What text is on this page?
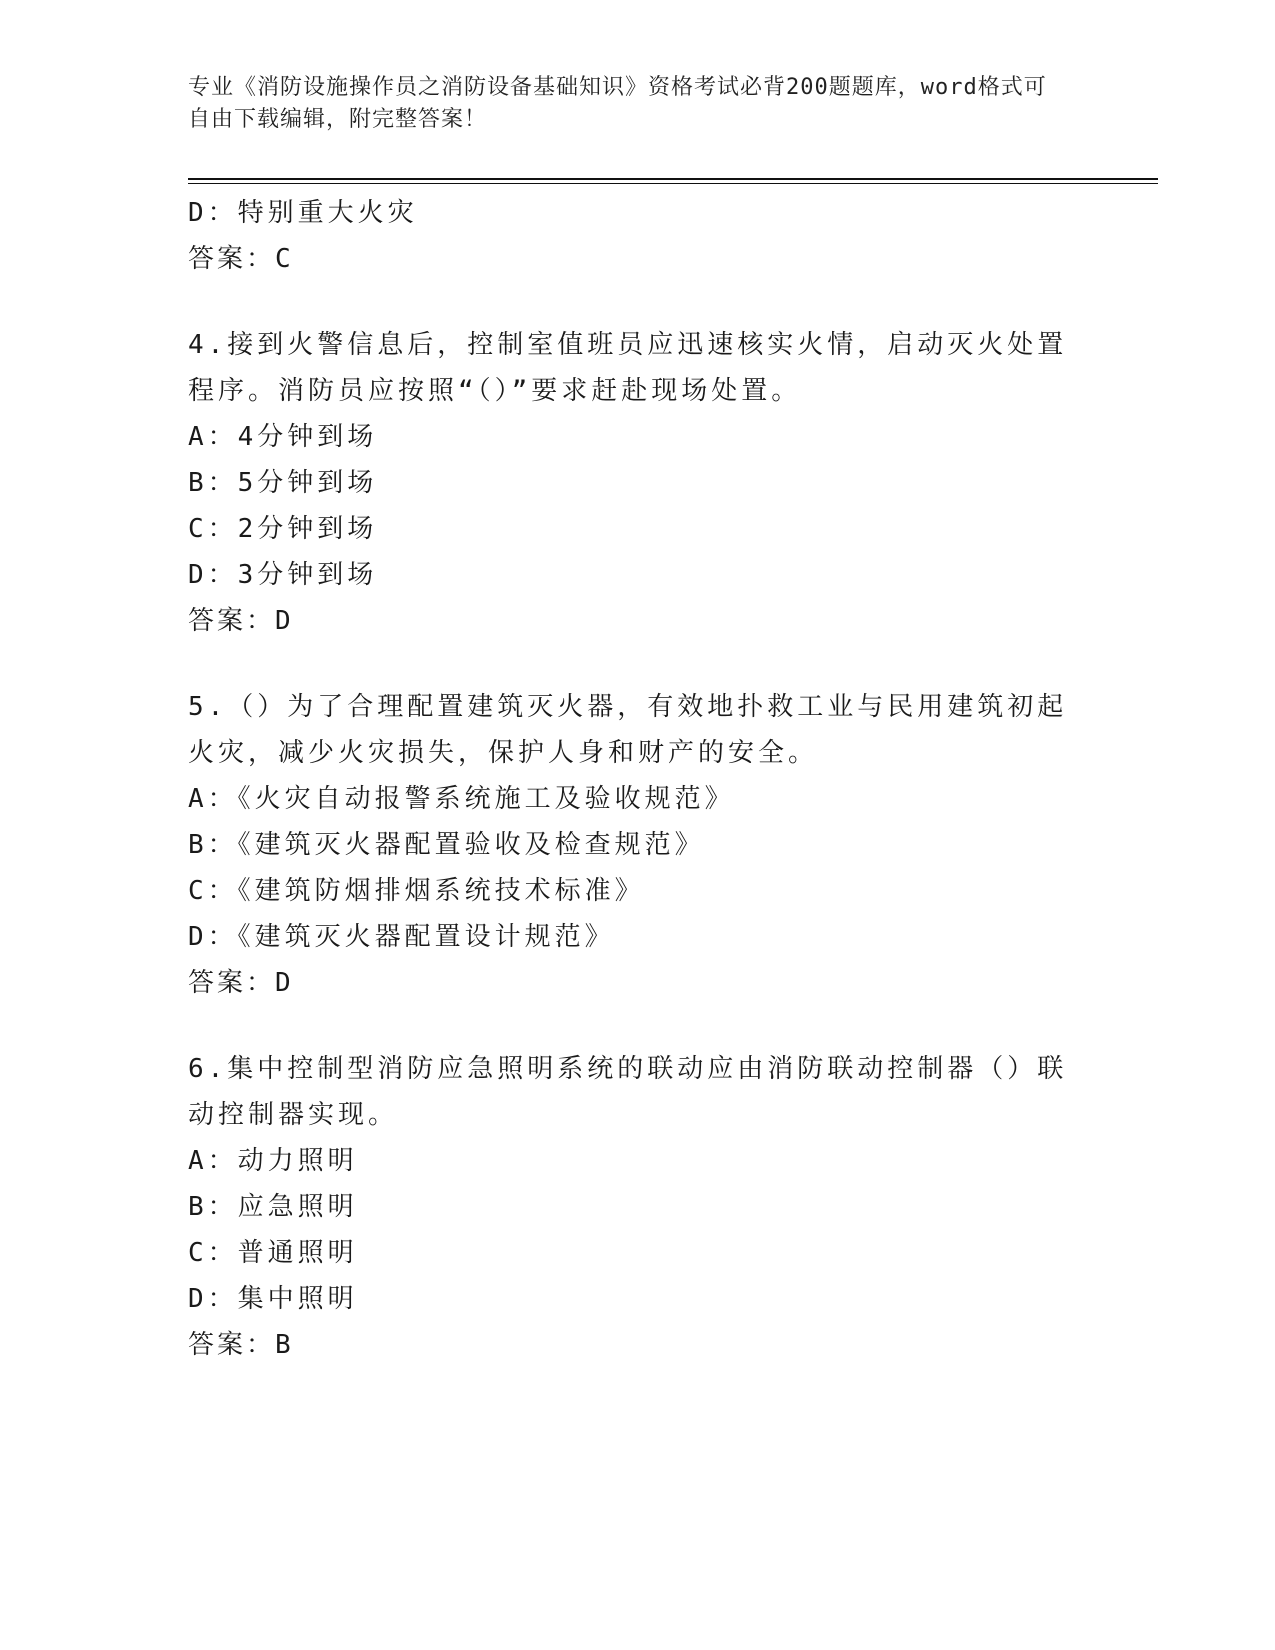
专业《消防设施操作员之消防设备基础知识》资格考试必背200题题库，word格式可自由下载编辑，附完整答案！
D：特别重大火灾
答案：C
4.接到火警信息后，控制室值班员应迅速核实火情，启动灭火处置程序。消防员应按照“（）”要求赶赴现场处置。
A：4分钟到场
B：5分钟到场
C：2分钟到场
D：3分钟到场
答案：D
5.（）为了合理配置建筑灭火器，有效地扑救工业与民用建筑初起火灾，减少火灾损失，保护人身和财产的安全。
A：《火灾自动报警系统施工及验收规范》
B：《建筑灭火器配置验收及检查规范》
C：《建筑防烟排烟系统技术标准》
D：《建筑灭火器配置设计规范》
答案：D
6.集中控制型消防应急照明系统的联动应由消防联动控制器（）联动控制器实现。
A：动力照明
B：应急照明
C：普通照明
D：集中照明
答案：B
